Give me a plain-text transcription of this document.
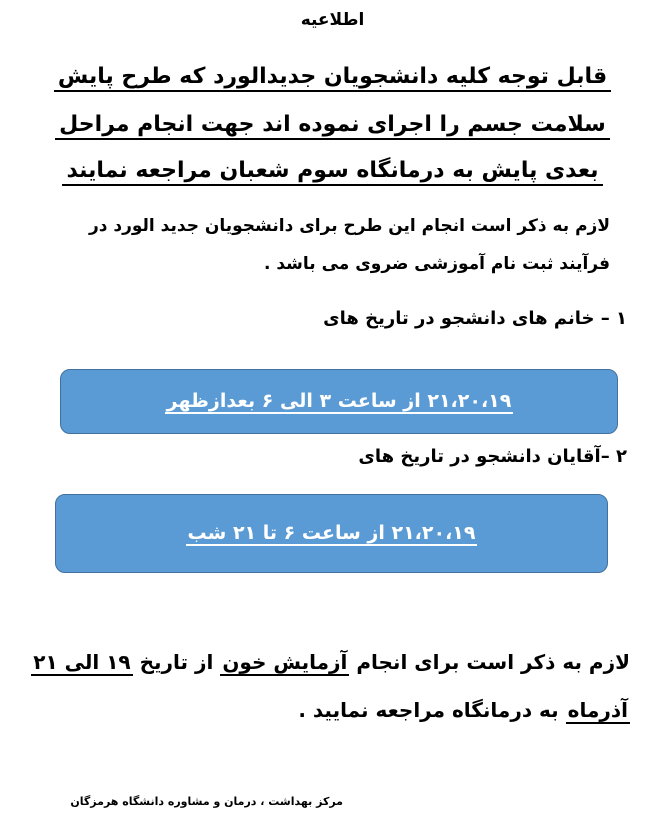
اطلاعیه
قابل توجه کلیه دانشجویان جدیدالورد که طرح پایش
سلامت جسم را اجرای نموده اند جهت انجام مراحل
بعدی پایش به درمانگاه سوم شعبان مراجعه نمایند
لازم به ذکر است انجام این طرح برای دانشجویان جدید الورد در
فرآیند ثبت نام آموزشی ضروی می باشد .
۱ – خانم های دانشجو در تاریخ های
۲۱،۲۰،۱۹ از ساعت ۳ الی ۶ بعدازظهر
۲ –آقایان دانشجو در تاریخ های
۲۱،۲۰،۱۹ از ساعت ۶ تا ۲۱ شب
لازم به ذکر است برای انجام آزمایش خون از تاریخ ۱۹ الی ۲۱
آذرماه به درمانگاه مراجعه نمایید .
مرکز بهداشت ، درمان و مشاوره دانشگاه هرمزگان
